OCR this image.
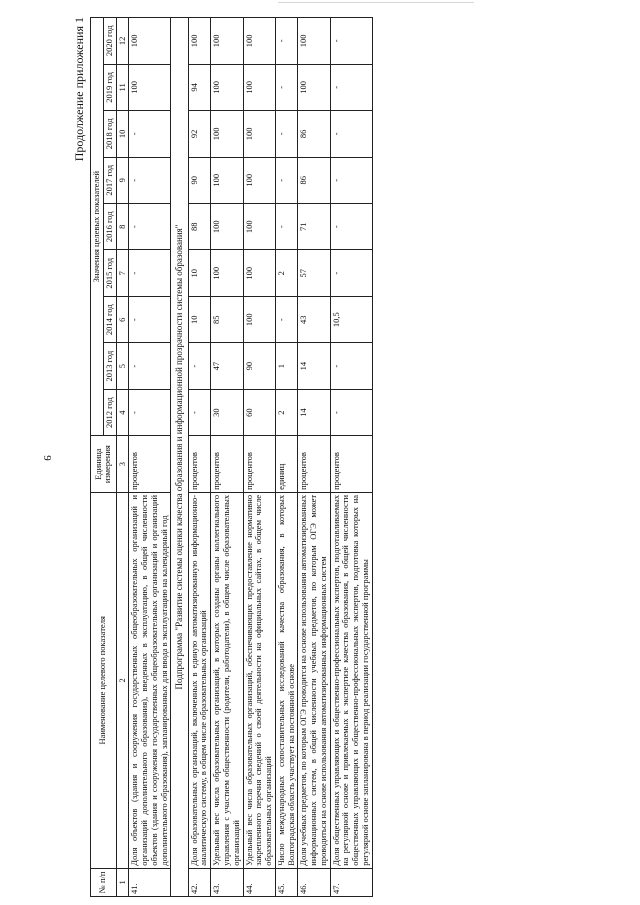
9
Продолжение приложения 1
№ п/п	Наименование целевого показателя	Единица измерения	Значения целевых показателей								
			2012 год	2013 год	2014 год	2015 год	2016 год	2017 год	2018 год	2019 год	2020 год
1	2	3	4	5	6	7	8	9	10	11	12
41.	Доля объектов (здания и сооружения государственных общеобразовательных организаций и организаций дополнительного образования), введенных в эксплуатацию, в общей численности объектов (здания и сооружения государственных общеобразовательных организаций и организаций дополнительного образования), запланированных для ввода в эксплуатацию на календарный год	процентов	-	-	-	-	-	-	-	100	100
Подпрограмма "Развитие системы оценки качества образования и информационной прозрачности системы образования"											
42.	Доля образовательных организаций, включенных в единую автоматизированную информационно-аналитическую систему, в общем числе образовательных организаций	процентов	-	-	10	10	88	90	92	94	100
43.	Удельный вес числа образовательных организаций, в которых созданы органы коллегиального управления с участием общественности (родители, работодатели), в общем числе образовательных организаций	процентов	30	47	85	100	100	100	100	100	100
44.	Удельный вес числа образовательных организаций, обеспечивающих предоставление нормативно закрепленного перечня сведений о своей деятельности на официальных сайтах, в общем числе образовательных организаций	процентов	60	90	100	100	100	100	100	100	100
45.	Число международных сопоставительных исследований качества образования, в которых Волгоградская область участвует на постоянной основе	единиц	2	1	-	2	-	-	-	-	-
46.	Доля учебных предметов, по которым ОГЭ проводится на основе использования автоматизированных информационных систем, в общей численности учебных предметов, по которым ОГЭ может проводиться на основе использования автоматизированных информационных систем	процентов	14	14	43	57	71	86	86	100	100
47.	Доля общественных управляющих и общественно-профессиональных экспертов, подготавливаемых на регулярной основе и привлекаемых к экспертизе качества образования, в общей численности общественных управляющих и общественно-профессиональных экспертов, подготовка которых на регулярной основе запланирована в период реализации государственной программы	процентов	-	-	10,5	-	-	-	-	-	-
